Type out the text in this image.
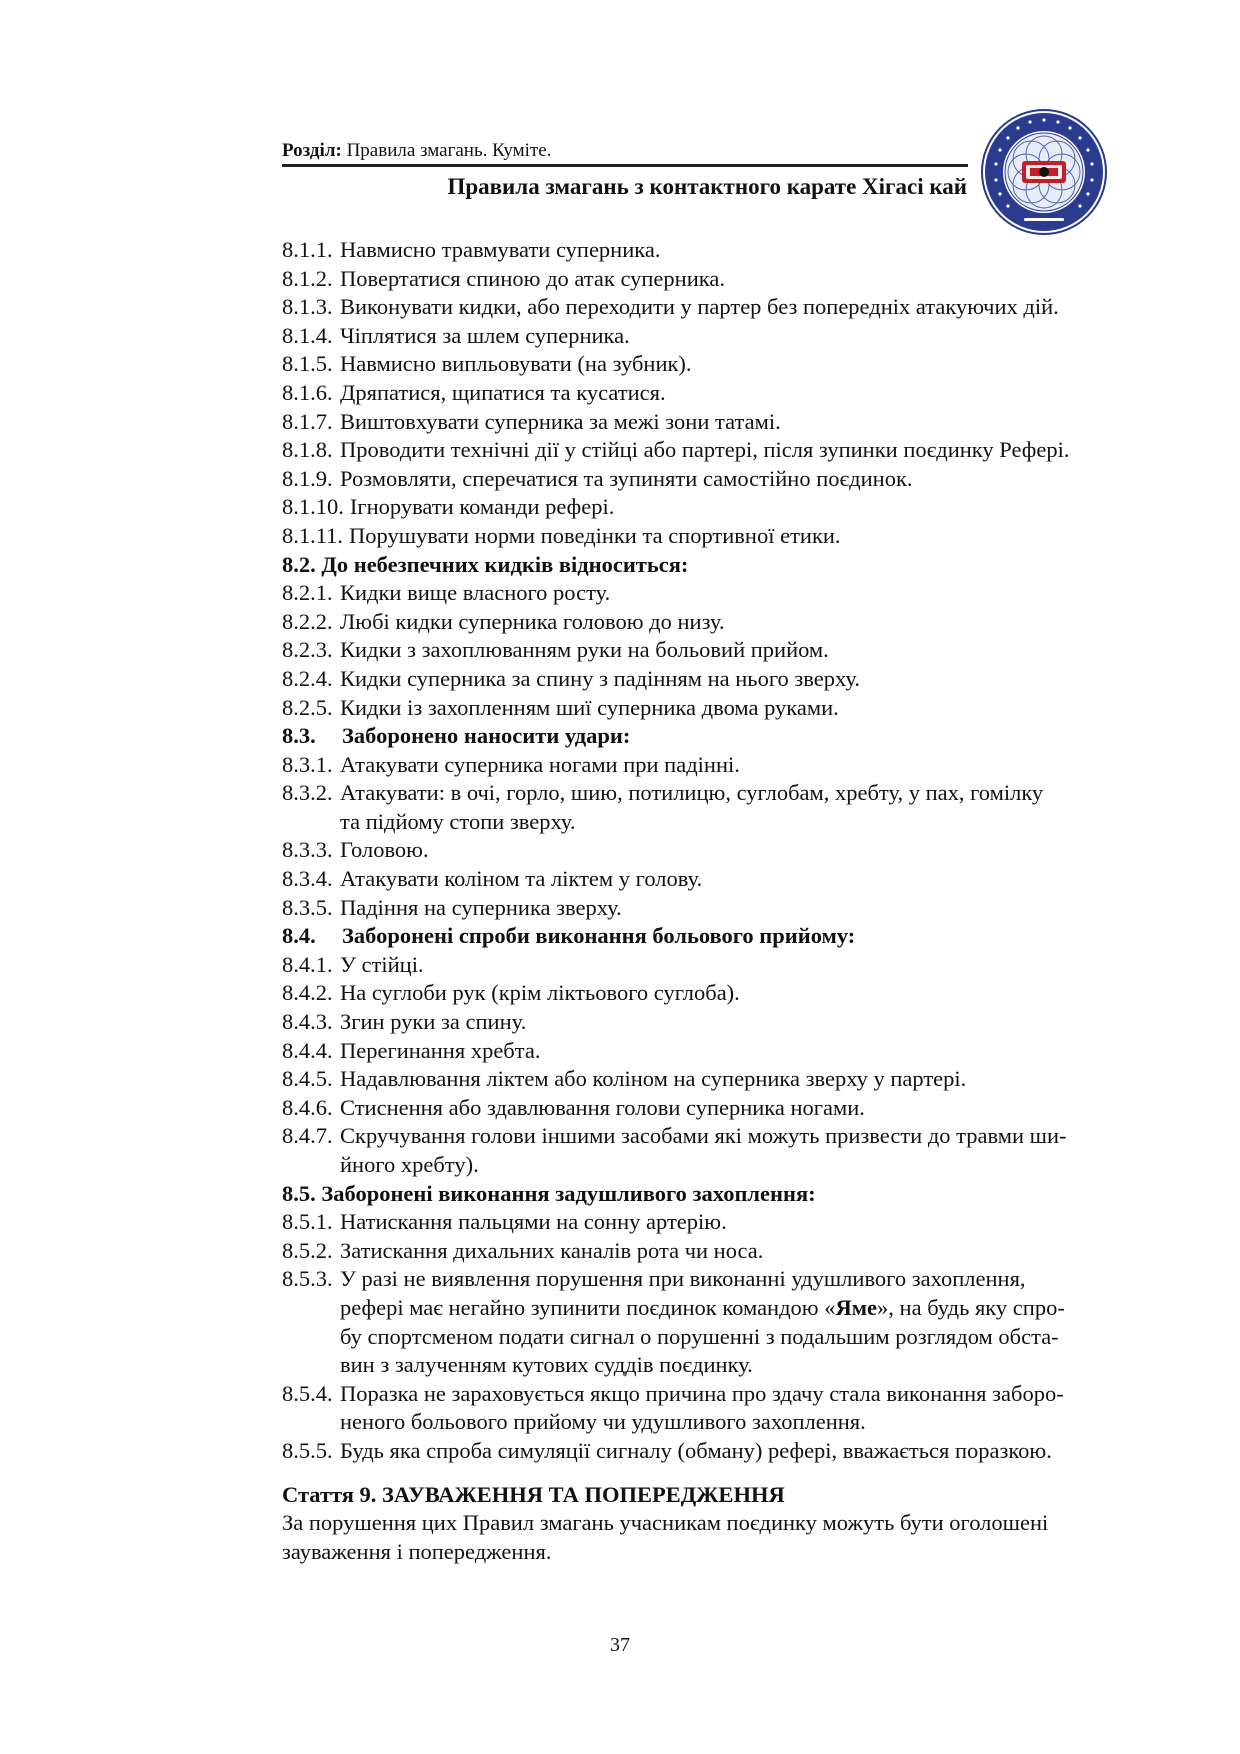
Розділ: Правила змагань. Куміте.
Правила змагань з контактного карате Хігасі кай
8.1.1. Навмисно травмувати суперника.
8.1.2. Повертатися спиною до атак суперника.
8.1.3. Виконувати кидки, або переходити у партер без попередніх атакуючих дій.
8.1.4. Чіплятися за шлем суперника.
8.1.5. Навмисно випльовувати (на зубник).
8.1.6. Дряпатися, щипатися та кусатися.
8.1.7. Виштовхувати суперника за межі зони татамі.
8.1.8. Проводити технічні дії у стійці або партері, після зупинки поєдинку Рефері.
8.1.9. Розмовляти, сперечатися та зупиняти самостійно поєдинок.
8.1.10. Ігнорувати команди рефері.
8.1.11. Порушувати норми поведінки та спортивної етики.
8.2. До небезпечних кидків відноситься:
8.2.1. Кидки вище власного росту.
8.2.2. Любі кидки суперника головою до низу.
8.2.3. Кидки з захоплюванням руки на больовий прийом.
8.2.4. Кидки суперника за спину з падінням на нього зверху.
8.2.5. Кидки із захопленням шиї суперника двома руками.
8.3.	Заборонено наносити удари:
8.3.1. Атакувати суперника ногами при падінні.
8.3.2. Атакувати: в очі, горло, шию, потилицю, суглобам, хребту, у пах, гомілку
та підйому стопи зверху.
8.3.3. Головою.
8.3.4. Атакувати коліном та ліктем у голову.
8.3.5. Падіння на суперника зверху.
8.4.	Заборонені спроби виконання больового прийому:
8.4.1. У стійці.
8.4.2. На суглоби рук (крім ліктьового суглоба).
8.4.3. Згин руки за спину.
8.4.4. Перегинання хребта.
8.4.5. Надавлювання ліктем або коліном на суперника зверху у партері.
8.4.6. Стиснення або здавлювання голови суперника ногами.
8.4.7. Скручування голови іншими засобами які можуть призвести до травми ши-
йного хребту).
8.5. Заборонені виконання задушливого захоплення:
8.5.1. Натискання пальцями на сонну артерію.
8.5.2. Затискання дихальних каналів рота чи носа.
8.5.3. У разі не виявлення порушення при виконанні удушливого захоплення,
рефері має негайно зупинити поєдинок командою «Яме», на будь яку спро-
бу спортсменом подати сигнал о порушенні з подальшим розглядом обста-
вин з залученням кутових суддів поєдинку.
8.5.4. Поразка не зараховується якщо причина про здачу стала виконання заборо-
неного больового прийому чи удушливого захоплення.
8.5.5. Будь яка спроба симуляції сигналу (обману) рефері, вважається поразкою.
Стаття 9. ЗАУВАЖЕННЯ ТА ПОПЕРЕДЖЕННЯ
За порушення цих Правил змагань учасникам поєдинку можуть бути оголошені
зауваження і попередження.
37
